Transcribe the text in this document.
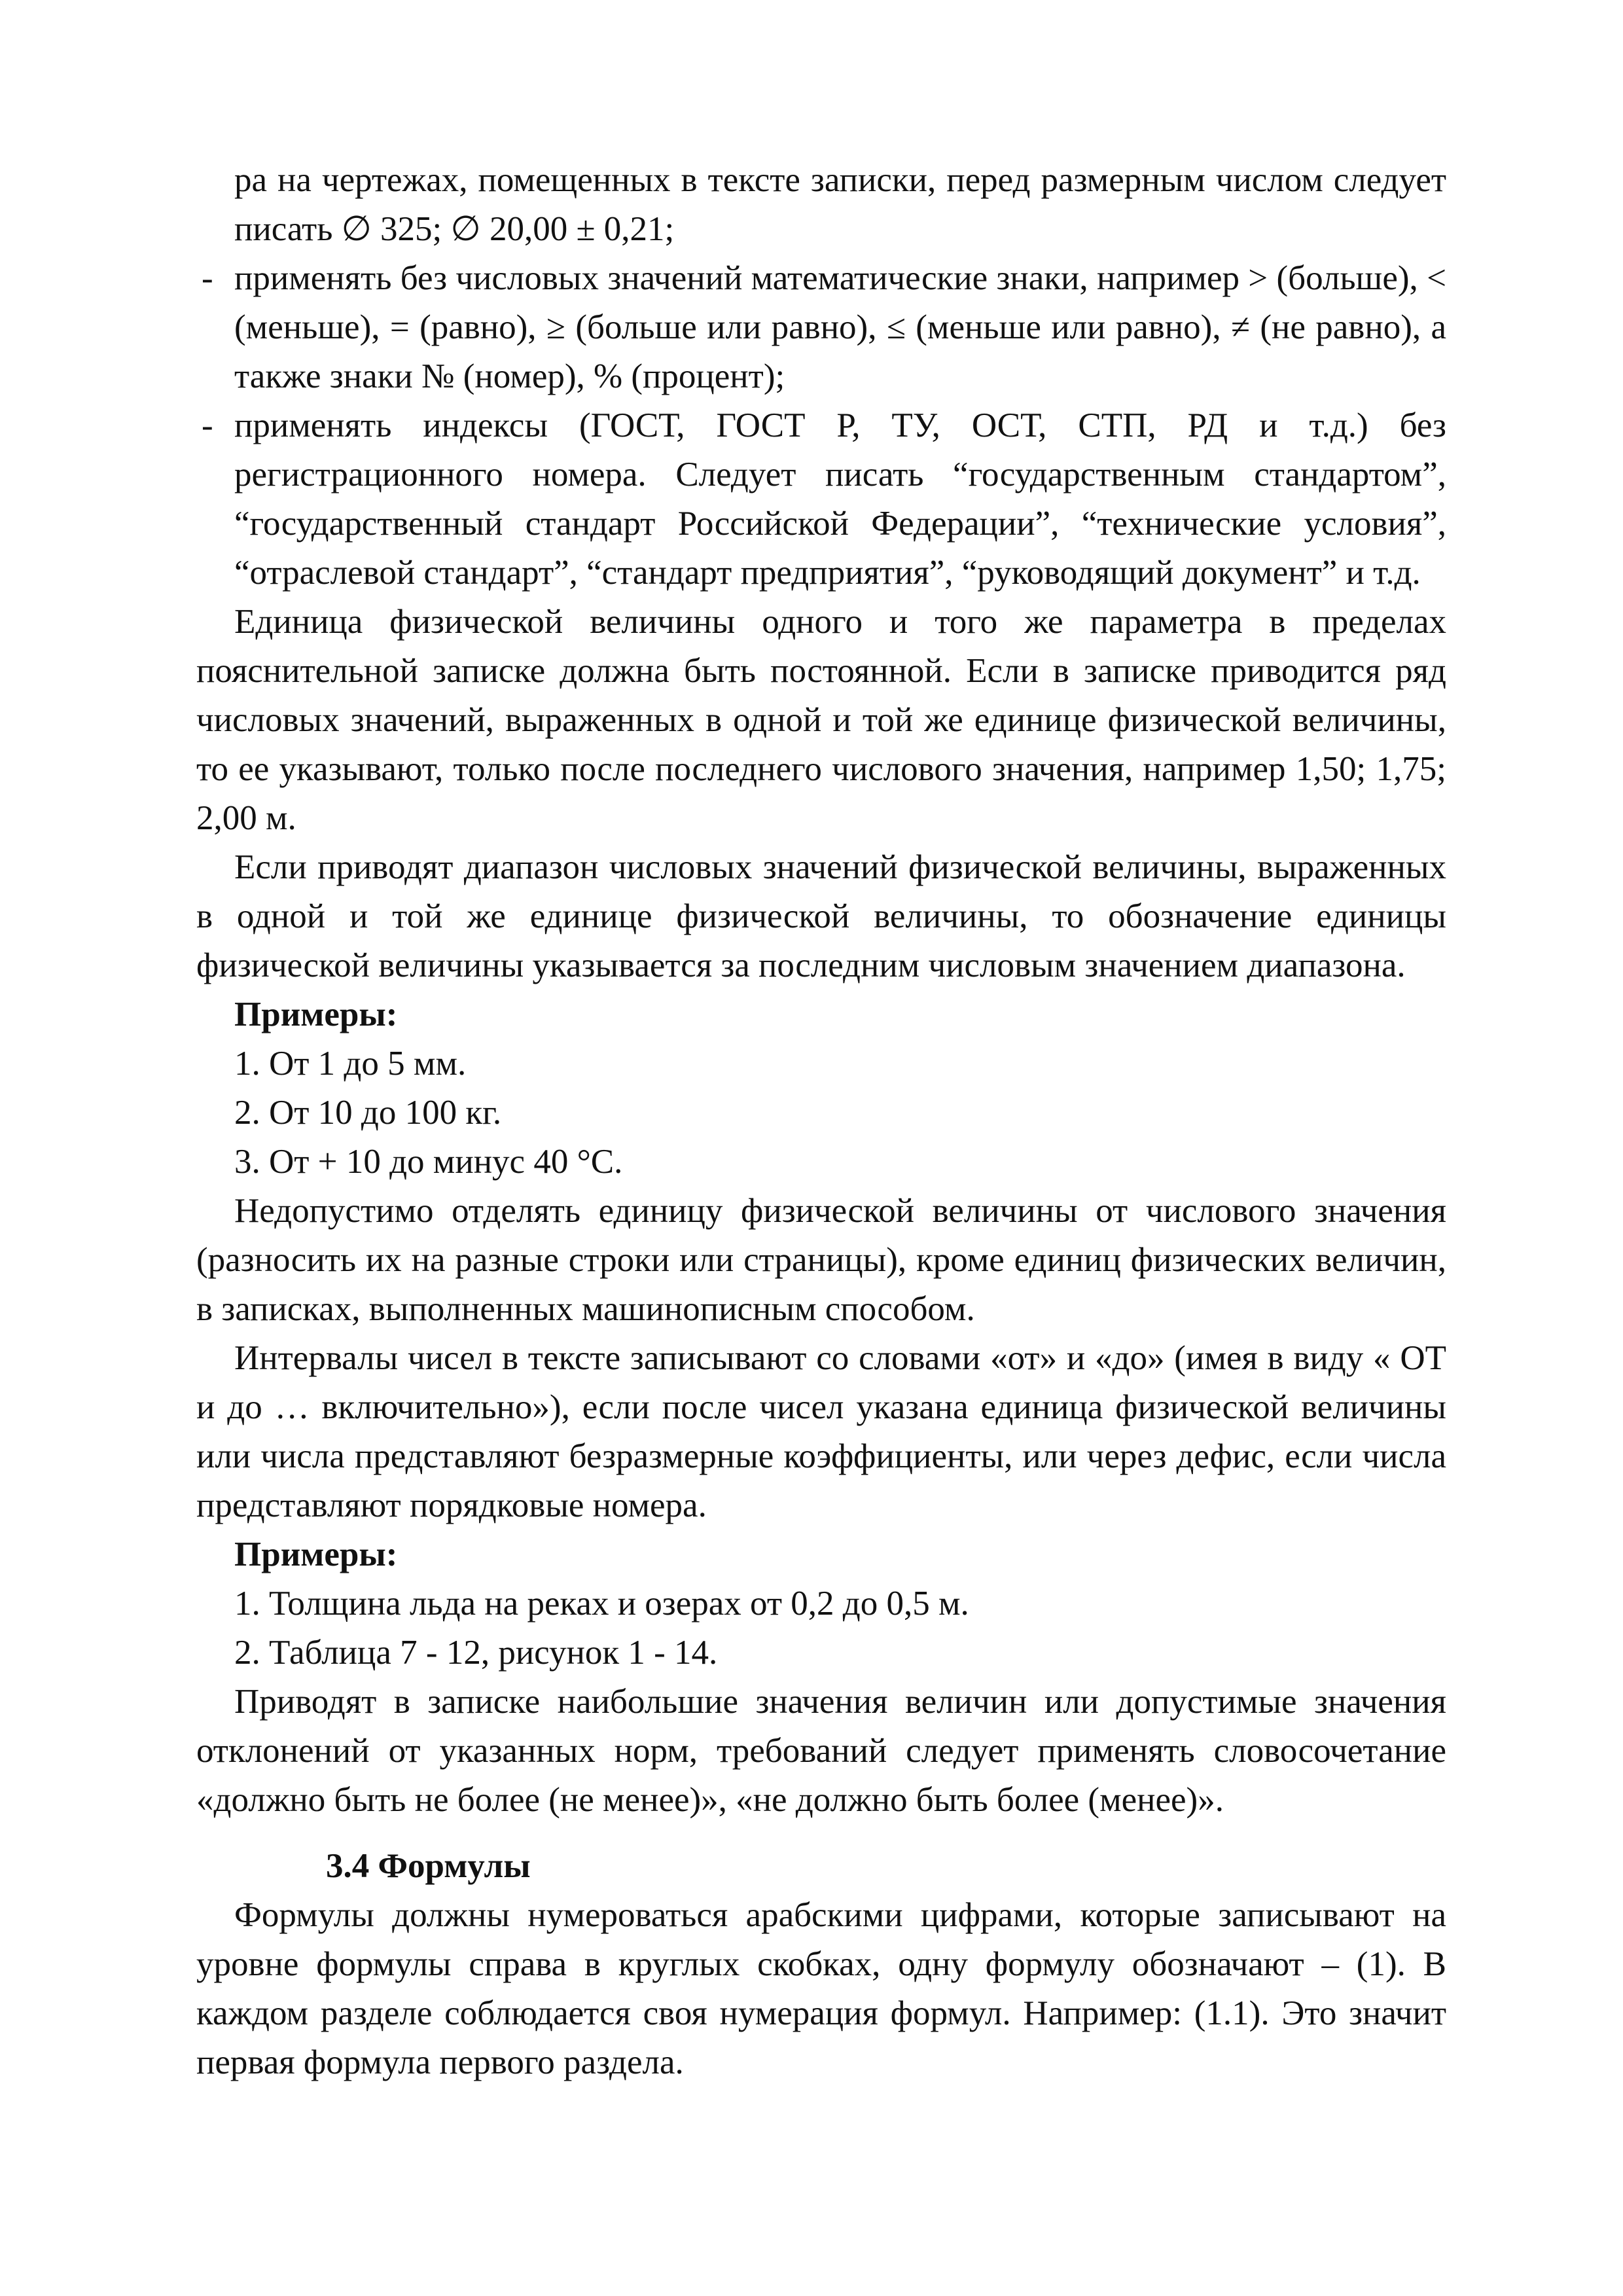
ра на чертежах, помещенных в тексте записки, перед размерным числом следует писать ∅ 325; ∅ 20,00 ± 0,21;

- применять без числовых значений математические знаки, например > (больше), < (меньше), = (равно), ≥ (больше или равно), ≤ (меньше или равно), ≠ (не равно), а также знаки № (номер), % (процент);
- применять индексы (ГОСТ, ГОСТ Р, ТУ, ОСТ, СТП, РД и т.д.) без регистрационного номера. Следует писать “государственным стандартом”, “государственный стандарт Российской Федерации”, “технические условия”, “отраслевой стандарт”, “стандарт предприятия”, “руководящий документ” и т.д.

Единица физической величины одного и того же параметра в пределах пояснительной записке должна быть постоянной. Если в записке приводится ряд числовых значений, выраженных в одной и той же единице физической величины, то ее указывают, только после последнего числового значения, например 1,50; 1,75; 2,00 м.

Если приводят диапазон числовых значений физической величины, выраженных в одной и той же единице физической величины, то обозначение единицы физической величины указывается за последним числовым значением диапазона.

Примеры:

1. От 1 до 5 мм.

2. От 10 до 100 кг.

3. От + 10 до минус 40 °С.

Недопустимо отделять единицу физической величины от числового значения (разносить их на разные строки или страницы), кроме единиц физических величин, в записках, выполненных машинописным способом.

Интервалы чисел в тексте записывают со словами «от» и «до» (имея в виду « ОТ и до … включительно»), если после чисел указана единица физической величины или числа представляют безразмерные коэффициенты, или через дефис, если числа представляют порядковые номера.

Примеры:

1. Толщина льда на реках и озерах от 0,2 до 0,5 м.

2. Таблица 7 - 12, рисунок 1 - 14.

Приводят в записке наибольшие значения величин или допустимые значения отклонений от указанных норм, требований следует применять словосочетание «должно быть не более (не менее)», «не должно быть более (менее)».

3.4 Формулы

Формулы должны нумероваться арабскими цифрами, которые записывают на уровне формулы справа в круглых скобках, одну формулу обозначают – (1). В каждом разделе соблюдается своя нумерация формул. Например: (1.1). Это значит первая формула первого раздела.
